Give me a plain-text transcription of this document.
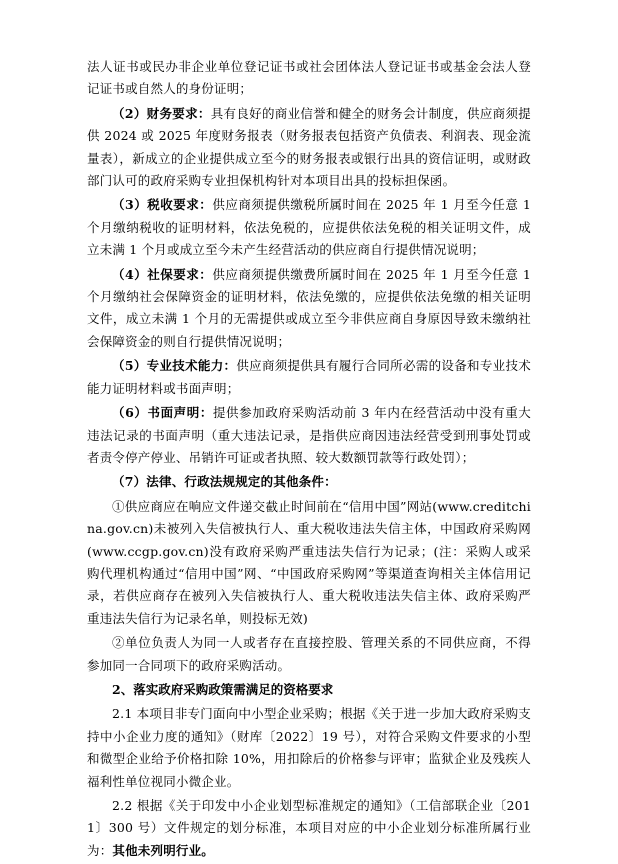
法人证书或民办非企业单位登记证书或社会团体法人登记证书或基金会法人登记证书或自然人的身份证明；

（2）财务要求：具有良好的商业信誉和健全的财务会计制度，供应商须提供 2024 或 2025 年度财务报表（财务报表包括资产负债表、利润表、现金流量表），新成立的企业提供成立至今的财务报表或银行出具的资信证明，或财政部门认可的政府采购专业担保机构针对本项目出具的投标担保函。

（3）税收要求：供应商须提供缴税所属时间在 2025 年 1 月至今任意 1 个月缴纳税收的证明材料，依法免税的，应提供依法免税的相关证明文件，成立未满 1 个月或成立至今未产生经营活动的供应商自行提供情况说明；

（4）社保要求：供应商须提供缴费所属时间在 2025 年 1 月至今任意 1 个月缴纳社会保障资金的证明材料，依法免缴的，应提供依法免缴的相关证明文件，成立未满 1 个月的无需提供或成立至今非供应商自身原因导致未缴纳社会保障资金的则自行提供情况说明；

（5）专业技术能力：供应商须提供具有履行合同所必需的设备和专业技术能力证明材料或书面声明；

（6）书面声明：提供参加政府采购活动前 3 年内在经营活动中没有重大违法记录的书面声明（重大违法记录，是指供应商因违法经营受到刑事处罚或者责令停产停业、吊销许可证或者执照、较大数额罚款等行政处罚）；

（7）法律、行政法规规定的其他条件：

①供应商应在响应文件递交截止时间前在“信用中国”网站(www.creditchina.gov.cn)未被列入失信被执行人、重大税收违法失信主体，中国政府采购网(www.ccgp.gov.cn)没有政府采购严重违法失信行为记录；(注：采购人或采购代理机构通过“信用中国”网、“中国政府采购网”等渠道查询相关主体信用记录，若供应商存在被列入失信被执行人、重大税收违法失信主体、政府采购严重违法失信行为记录名单，则投标无效)

②单位负责人为同一人或者存在直接控股、管理关系的不同供应商，不得参加同一合同项下的政府采购活动。

2、落实政府采购政策需满足的资格要求

2.1 本项目非专门面向中小型企业采购；根据《关于进一步加大政府采购支持中小企业力度的通知》（财库〔2022〕19 号），对符合采购文件要求的小型和微型企业给予价格扣除 10%，用扣除后的价格参与评审；监狱企业及残疾人福利性单位视同小微企业。

2.2 根据《关于印发中小企业划型标准规定的通知》（工信部联企业〔2011〕300 号）文件规定的划分标准，本项目对应的中小企业划分标准所属行业为：其他未列明行业。
